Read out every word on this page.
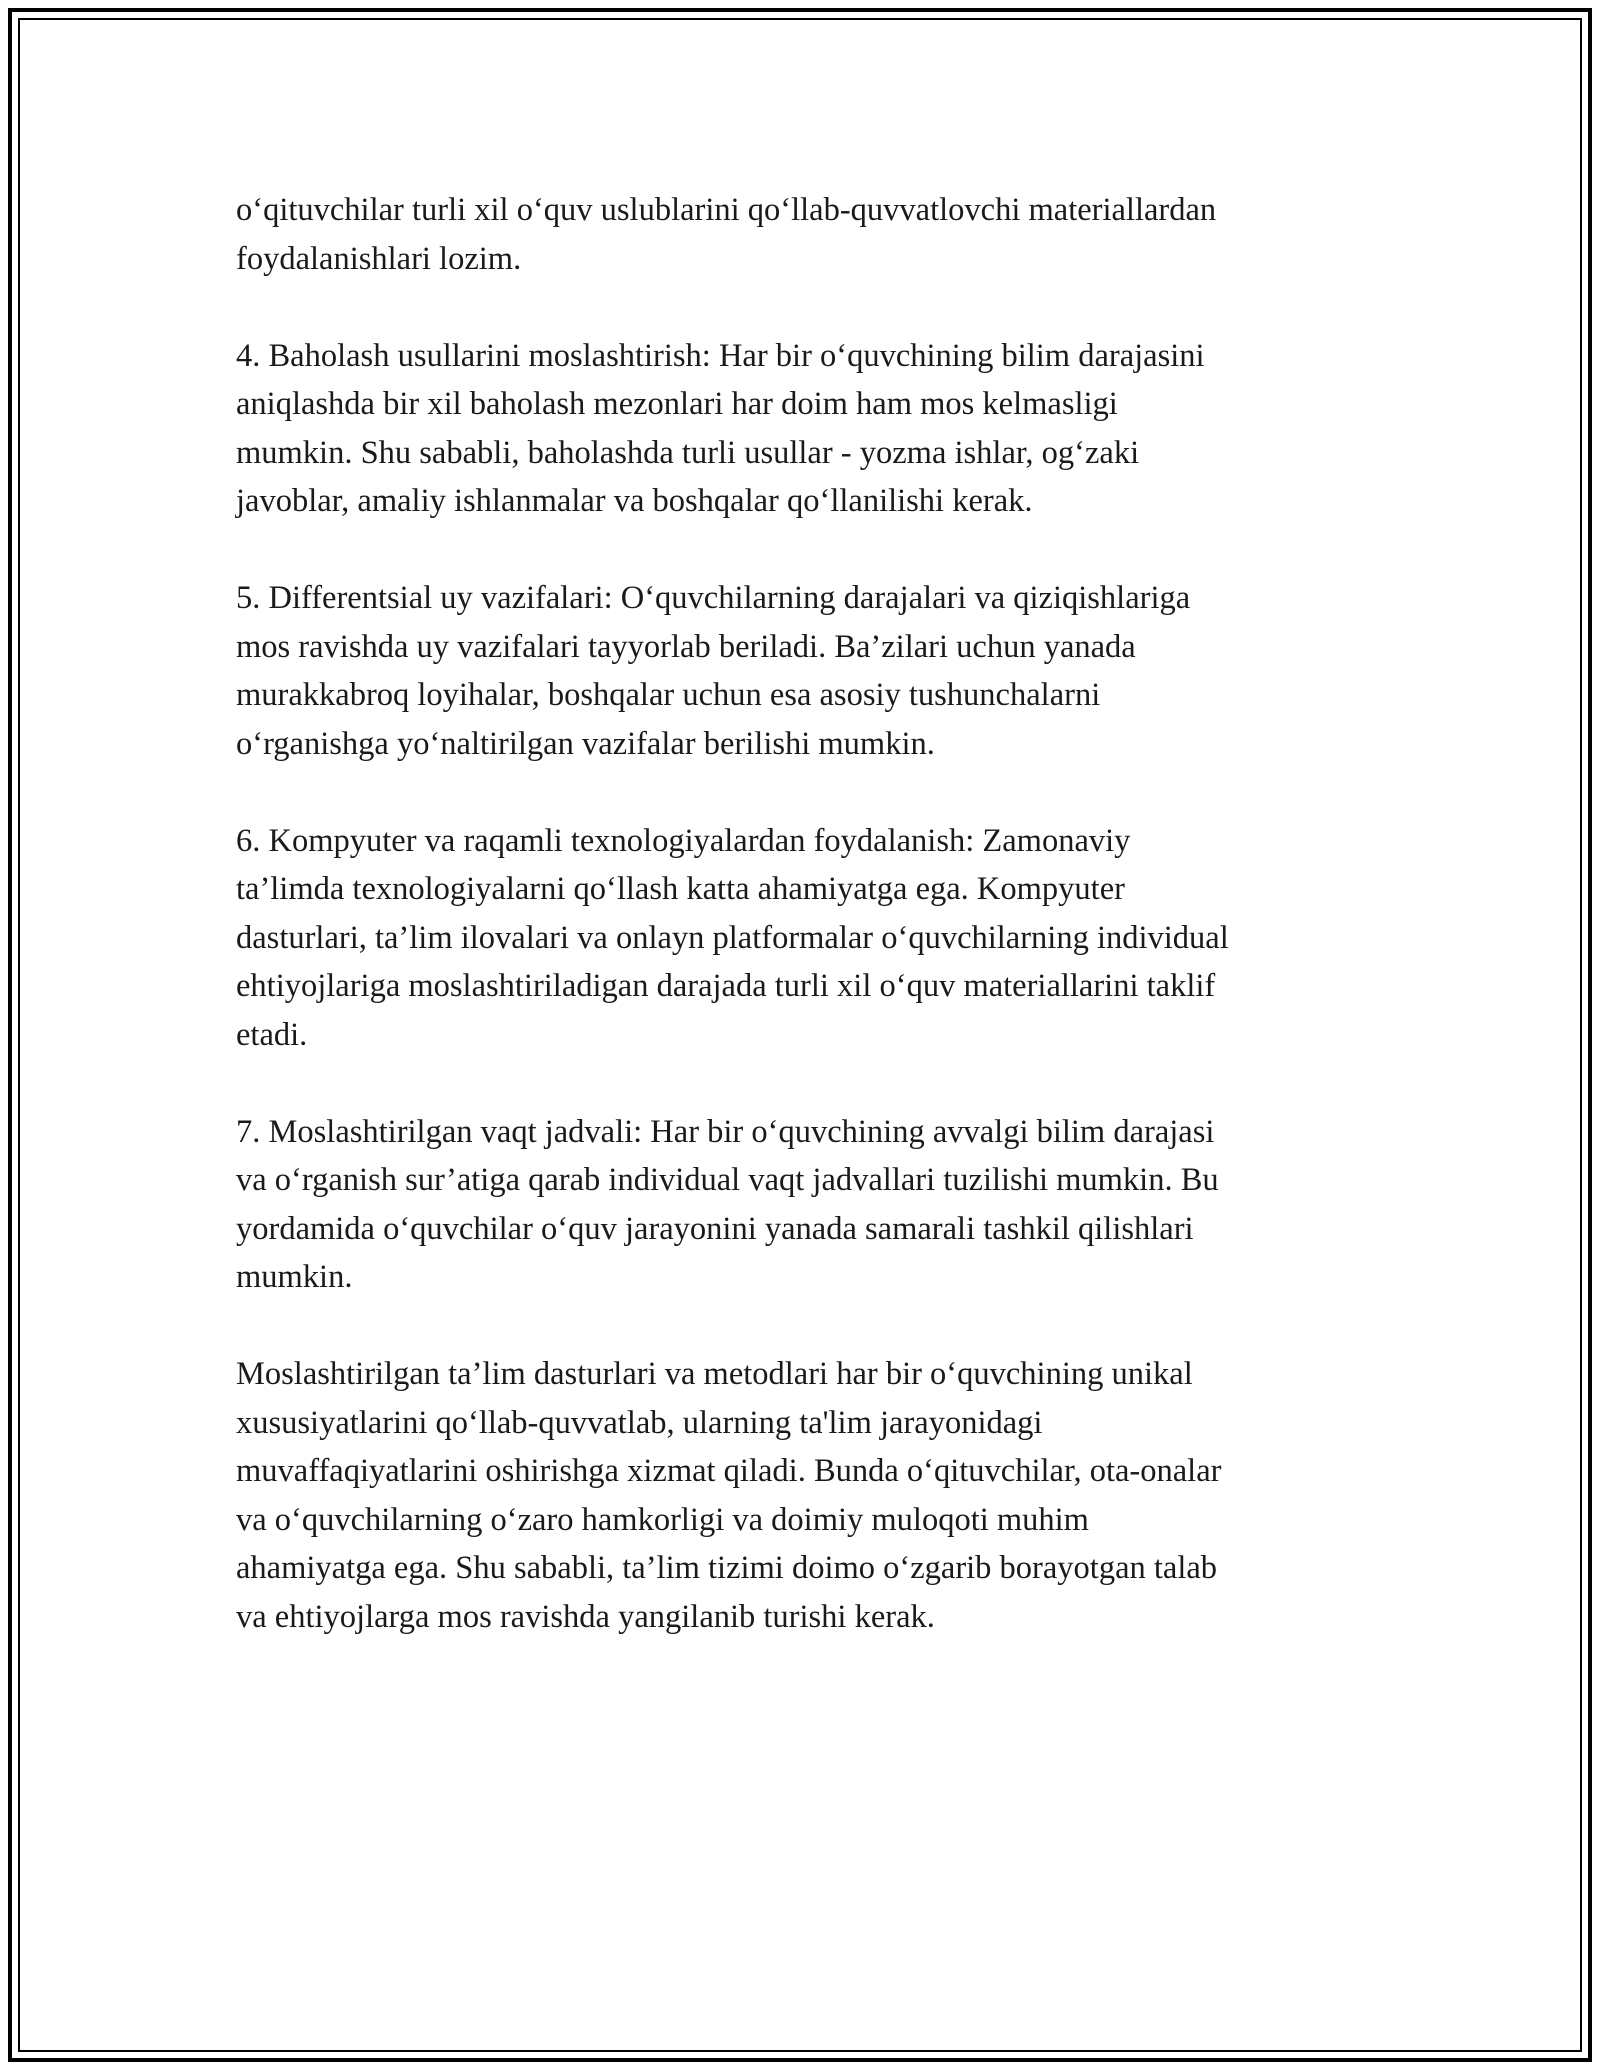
o‘qituvchilar turli xil o‘quv uslublarini qo‘llab-quvvatlovchi materiallardan
foydalanishlari lozim.

4. Baholash usullarini moslashtirish: Har bir o‘quvchining bilim darajasini
aniqlashda bir xil baholash mezonlari har doim ham mos kelmasligi
mumkin. Shu sababli, baholashda turli usullar - yozma ishlar, og‘zaki
javoblar, amaliy ishlanmalar va boshqalar qo‘llanilishi kerak.

5. Differentsial uy vazifalari: O‘quvchilarning darajalari va qiziqishlariga
mos ravishda uy vazifalari tayyorlab beriladi. Ba’zilari uchun yanada
murakkabroq loyihalar, boshqalar uchun esa asosiy tushunchalarni
o‘rganishga yo‘naltirilgan vazifalar berilishi mumkin.

6. Kompyuter va raqamli texnologiyalardan foydalanish: Zamonaviy
ta’limda texnologiyalarni qo‘llash katta ahamiyatga ega. Kompyuter
dasturlari, ta’lim ilovalari va onlayn platformalar o‘quvchilarning individual
ehtiyojlariga moslashtiriladigan darajada turli xil o‘quv materiallarini taklif
etadi.

7. Moslashtirilgan vaqt jadvali: Har bir o‘quvchining avvalgi bilim darajasi
va o‘rganish sur’atiga qarab individual vaqt jadvallari tuzilishi mumkin. Bu
yordamida o‘quvchilar o‘quv jarayonini yanada samarali tashkil qilishlari
mumkin.

Moslashtirilgan ta’lim dasturlari va metodlari har bir o‘quvchining unikal
xususiyatlarini qo‘llab-quvvatlab, ularning ta'lim jarayonidagi
muvaffaqiyatlarini oshirishga xizmat qiladi. Bunda o‘qituvchilar, ota-onalar
va o‘quvchilarning o‘zaro hamkorligi va doimiy muloqoti muhim
ahamiyatga ega. Shu sababli, ta’lim tizimi doimo o‘zgarib borayotgan talab
va ehtiyojlarga mos ravishda yangilanib turishi kerak.
